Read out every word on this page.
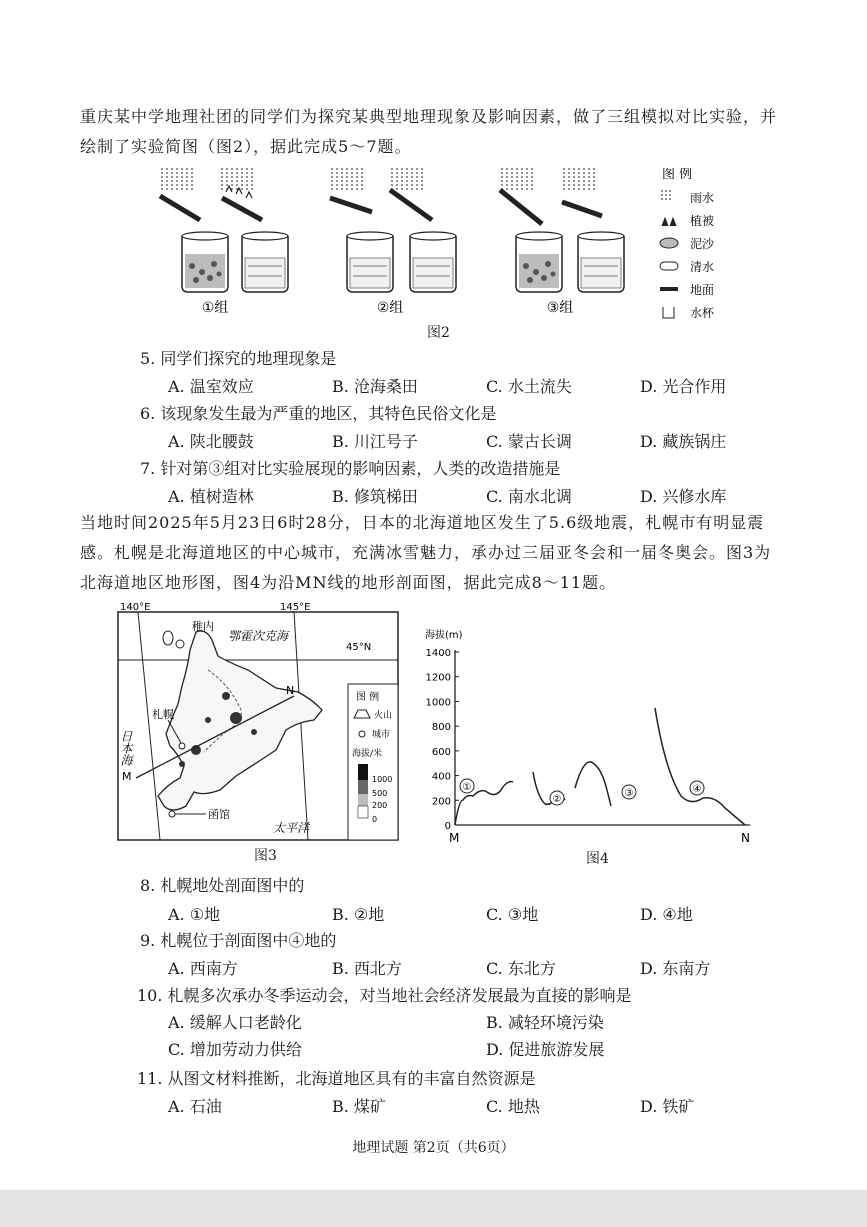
重庆某中学地理社团的同学们为探究某典型地理现象及影响因素，做了三组模拟对比实验，并绘制了实验简图（图2），据此完成5～7题。
①组	②组	③组
图 例
雨水
植被
泥沙
清水
地面
水杯
图2
5. 同学们探究的地理现象是
A. 温室效应	B. 沧海桑田	C. 水土流失	D. 光合作用
6. 该现象发生最为严重的地区，其特色民俗文化是
A. 陕北腰鼓	B. 川江号子	C. 蒙古长调	D. 藏族锅庄
7. 针对第③组对比实验展现的影响因素，人类的改造措施是
A. 植树造林	B. 修筑梯田	C. 南水北调	D. 兴修水库
当地时间2025年5月23日6时28分，日本的北海道地区发生了5.6级地震，札幌市有明显震感。札幌是北海道地区的中心城市，充满冰雪魅力，承办过三届亚冬会和一届冬奥会。图3为北海道地区地形图，图4为沿MN线的地形剖面图，据此完成8～11题。
140°E	145°E
45°N
鄂霍次克海
日本海
太平洋
M
N
稚内
札幌
函馆
图 例
火山
城市
海拔/米
1000
500
200
0
图3
海拔(m)
1400
1200
1000
800
600
400
200
0
①
②
③	④
M	N
图4
8. 札幌地处剖面图中的
A. ①地	B. ②地	C. ③地	D. ④地
9. 札幌位于剖面图中④地的
A. 西南方	B. 西北方	C. 东北方	D. 东南方
10. 札幌多次承办冬季运动会，对当地社会经济发展最为直接的影响是
A. 缓解人口老龄化	B. 减轻环境污染
C. 增加劳动力供给	D. 促进旅游发展
11. 从图文材料推断，北海道地区具有的丰富自然资源是
A. 石油	B. 煤矿	C. 地热	D. 铁矿
地理试题 第2页（共6页）
